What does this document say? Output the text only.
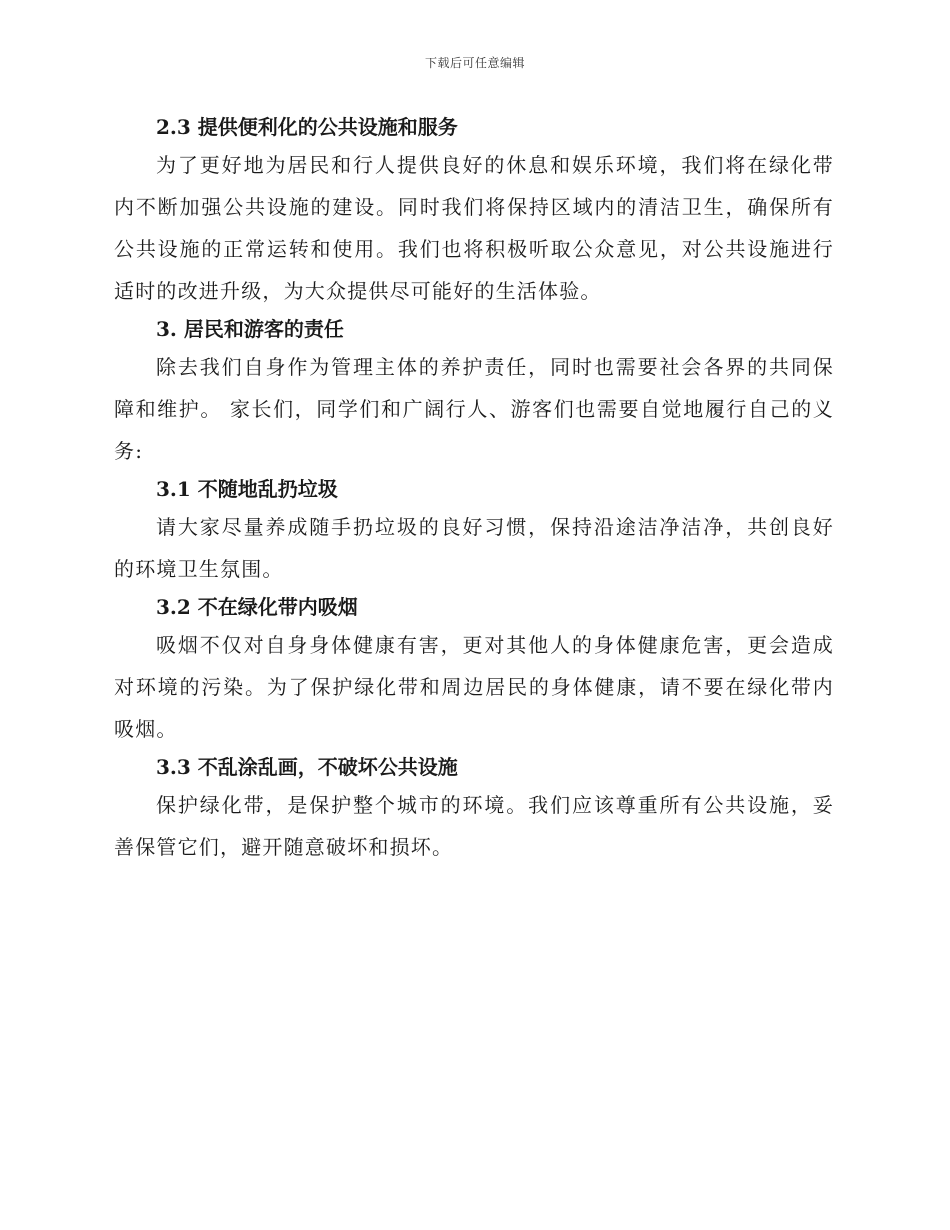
下载后可任意编辑
2.3 提供便利化的公共设施和服务

为了更好地为居民和行人提供良好的休息和娱乐环境，我们将在绿化带内不断加强公共设施的建设。同时我们将保持区域内的清洁卫生，确保所有公共设施的正常运转和使用。我们也将积极听取公众意见，对公共设施进行适时的改进升级，为大众提供尽可能好的生活体验。

3. 居民和游客的责任

除去我们自身作为管理主体的养护责任，同时也需要社会各界的共同保障和维护。 家长们，同学们和广阔行人、游客们也需要自觉地履行自己的义务:

3.1 不随地乱扔垃圾

请大家尽量养成随手扔垃圾的良好习惯，保持沿途洁净洁净，共创良好的环境卫生氛围。

3.2 不在绿化带内吸烟

吸烟不仅对自身身体健康有害，更对其他人的身体健康危害，更会造成对环境的污染。为了保护绿化带和周边居民的身体健康，请不要在绿化带内吸烟。

3.3 不乱涂乱画，不破坏公共设施

保护绿化带，是保护整个城市的环境。我们应该尊重所有公共设施，妥善保管它们，避开随意破坏和损坏。
